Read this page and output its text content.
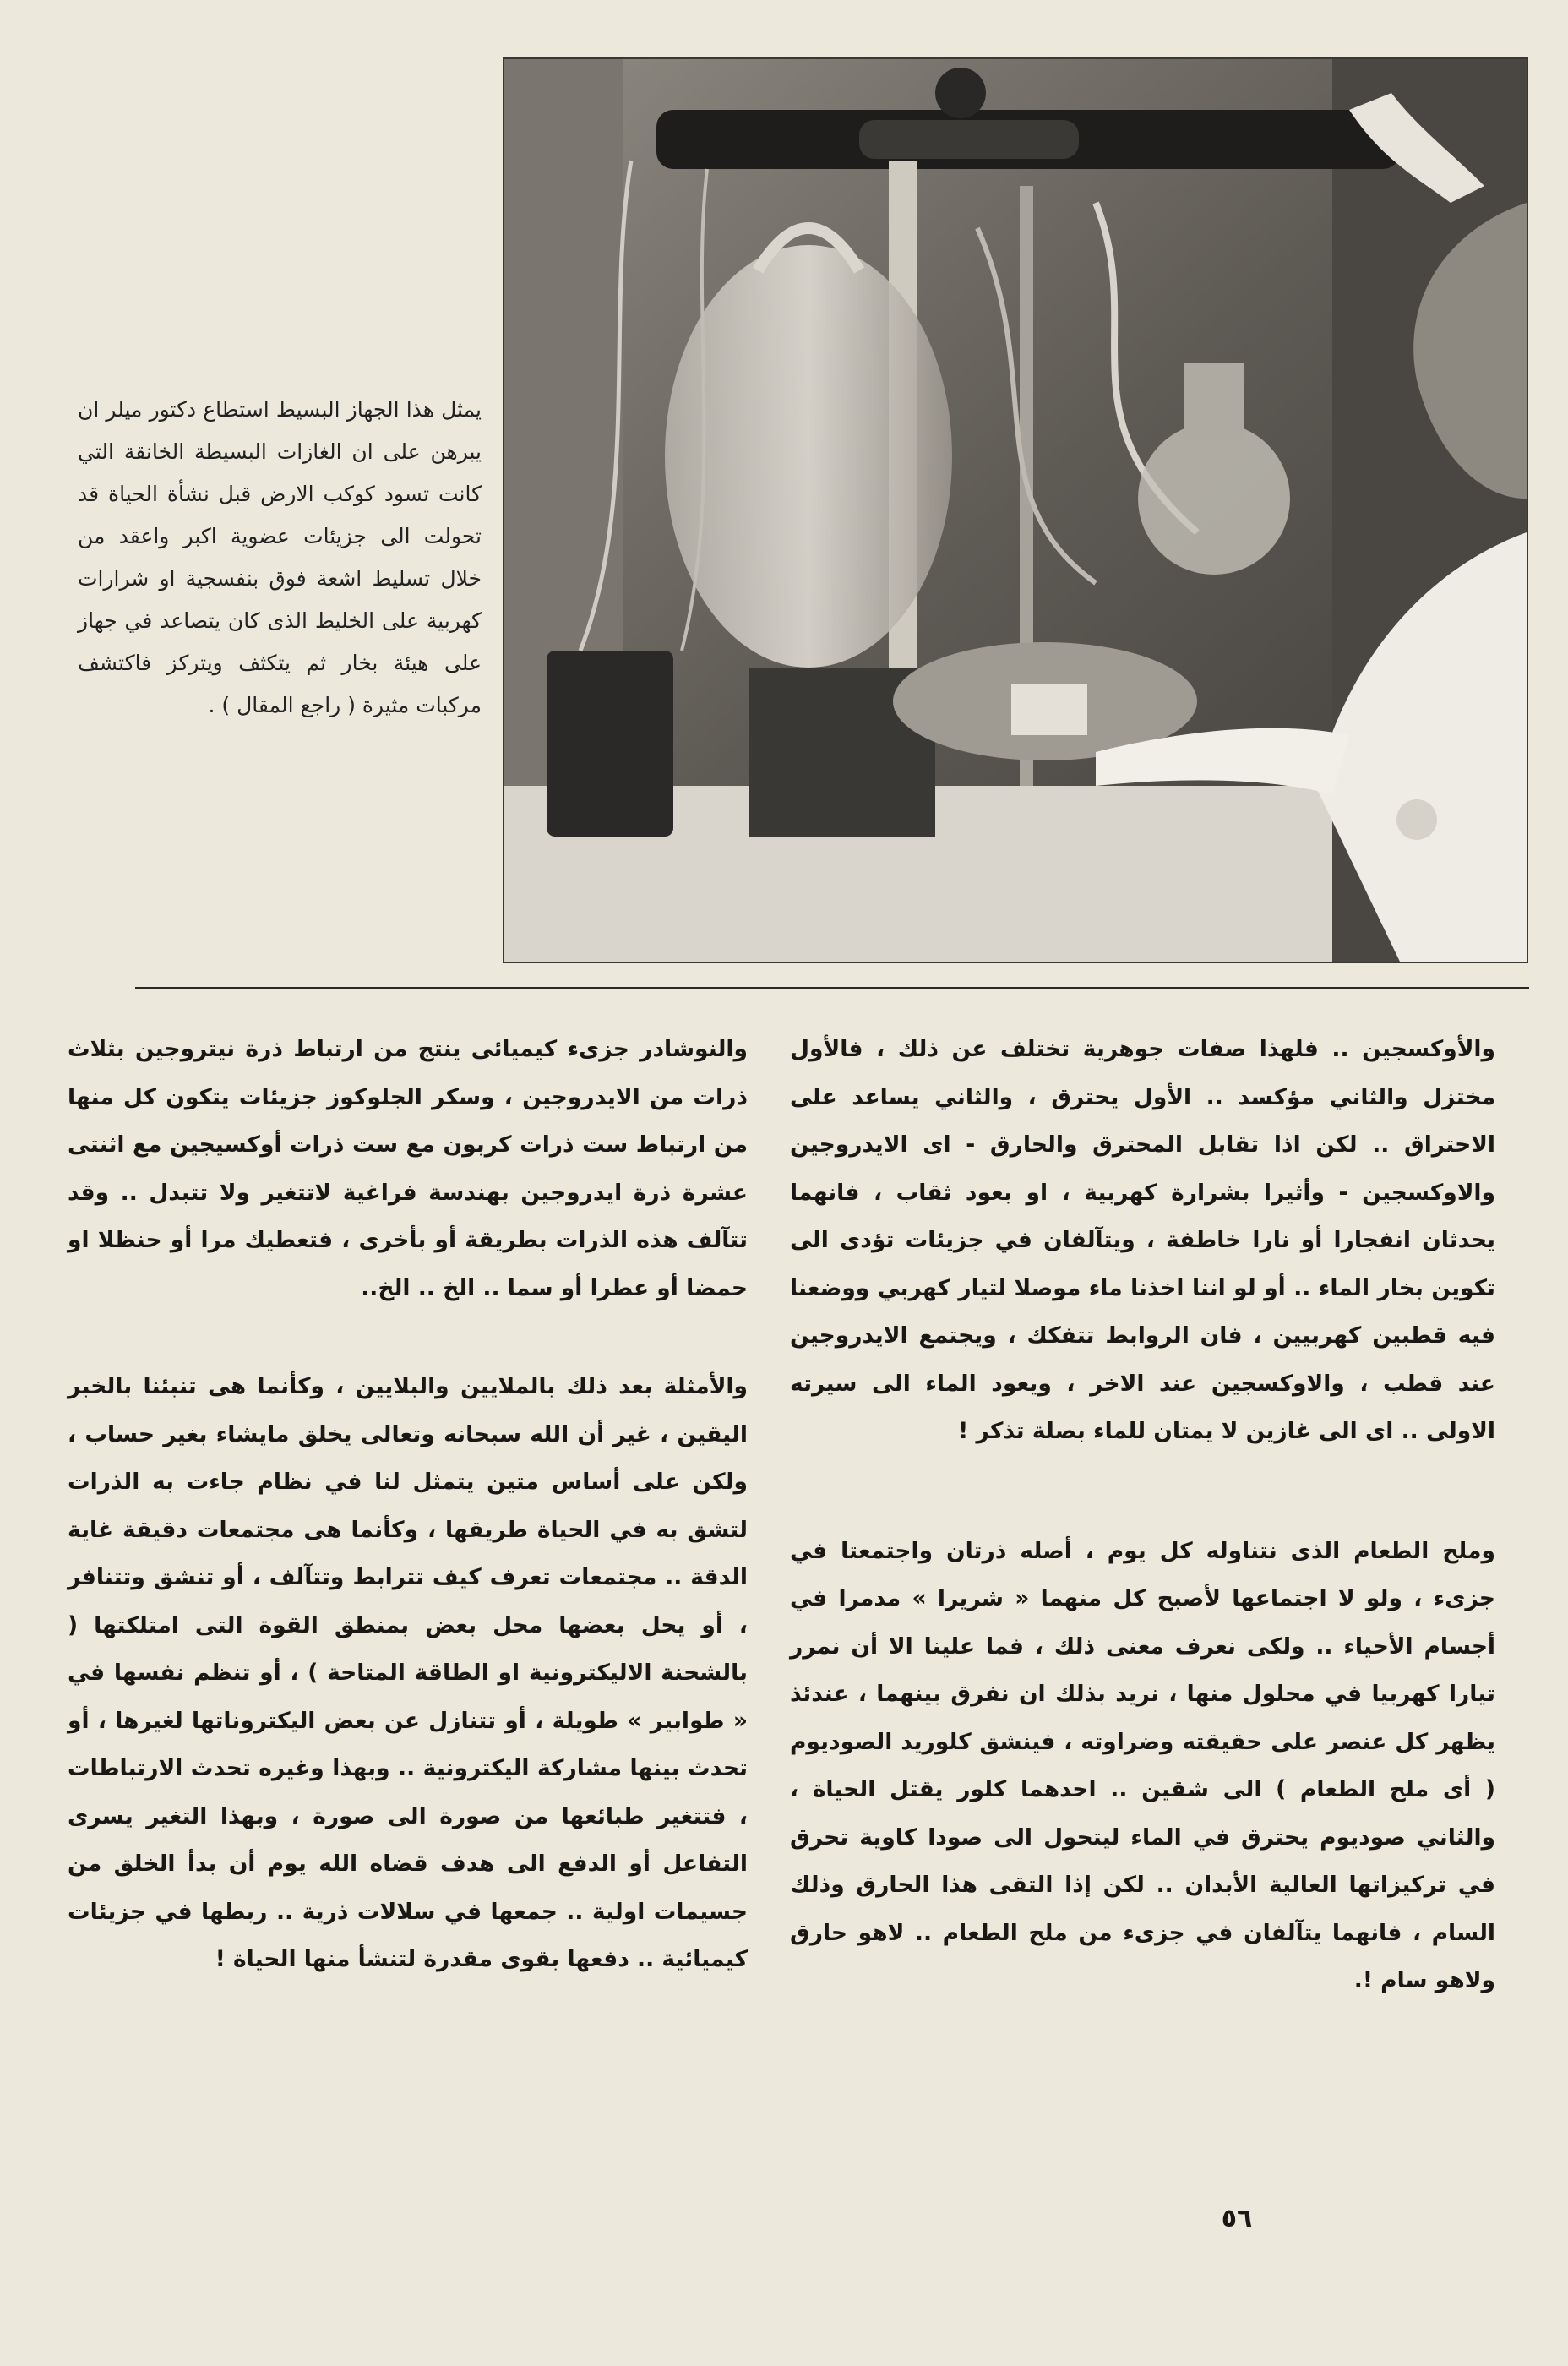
يمثل هذا الجهاز البسيط استطاع دكتور ميلر ان يبرهن على ان الغازات البسيطة الخانقة التي كانت تسود كوكب الارض قبل نشأة الحياة قد تحولت الى جزيئات عضوية اكبر واعقد من خلال تسليط اشعة فوق بنفسجية او شرارات كهربية على الخليط الذى كان يتصاعد في جهاز على هيئة بخار ثم يتكثف ويتركز فاكتشف مركبات مثيرة ( راجع المقال ) .

والأوكسجين .. فلهذا صفات جوهرية تختلف عن ذلك ، فالأول مختزل والثاني مؤكسد .. الأول يحترق ، والثاني يساعد على الاحتراق .. لكن اذا تقابل المحترق والحارق - اى الايدروجين والاوكسجين - وأثيرا بشرارة كهربية ، او بعود ثقاب ، فانهما يحدثان انفجارا أو نارا خاطفة ، ويتآلفان في جزيئات تؤدى الى تكوين بخار الماء .. أو لو اننا اخذنا ماء موصلا لتيار كهربي ووضعنا فيه قطبين كهربيين ، فان الروابط تتفكك ، ويجتمع الايدروجين عند قطب ، والاوكسجين عند الاخر ، ويعود الماء الى سيرته الاولى .. اى الى غازين لا يمتان للماء بصلة تذكر !

وملح الطعام الذى نتناوله كل يوم ، أصله ذرتان واجتمعتا في جزىء ، ولو لا اجتماعها لأصبح كل منهما « شريرا » مدمرا في أجسام الأحياء .. ولكى نعرف معنى ذلك ، فما علينا الا أن نمرر تيارا كهربيا في محلول منها ، نريد بذلك ان نفرق بينهما ، عندئذ يظهر كل عنصر على حقيقته وضراوته ، فينشق كلوريد الصوديوم ( أى ملح الطعام ) الى شقين .. احدهما كلور يقتل الحياة ، والثاني صوديوم يحترق في الماء ليتحول الى صودا كاوية تحرق في تركيزاتها العالية الأبدان .. لكن إذا التقى هذا الحارق وذلك السام ، فانهما يتآلفان في جزىء من ملح الطعام .. لاهو حارق ولاهو سام !.

والنوشادر جزىء كيميائى ينتج من ارتباط ذرة نيتروجين بثلاث ذرات من الايدروجين ، وسكر الجلوكوز جزيئات يتكون كل منها من ارتباط ست ذرات كربون مع ست ذرات أوكسيجين مع اثنتى عشرة ذرة ايدروجين بهندسة فراغية لاتتغير ولا تتبدل .. وقد تتآلف هذه الذرات بطريقة أو بأخرى ، فتعطيك مرا أو حنظلا او حمضا أو عطرا أو سما .. الخ .. الخ..

والأمثلة بعد ذلك بالملايين والبلايين ، وكأنما هى تنبئنا بالخبر اليقين ، غير أن الله سبحانه وتعالى يخلق مايشاء بغير حساب ، ولكن على أساس متين يتمثل لنا في نظام جاءت به الذرات لتشق به في الحياة طريقها ، وكأنما هى مجتمعات دقيقة غاية الدقة .. مجتمعات تعرف كيف تترابط وتتآلف ، أو تنشق وتتنافر ، أو يحل بعضها محل بعض بمنطق القوة التى امتلكتها ( بالشحنة الاليكترونية او الطاقة المتاحة ) ، أو تنظم نفسها في « طوابير » طويلة ، أو تتنازل عن بعض اليكتروناتها لغيرها ، أو تحدث بينها مشاركة اليكترونية .. وبهذا وغيره تحدث الارتباطات ، فتتغير طبائعها من صورة الى صورة ، وبهذا التغير يسرى التفاعل أو الدفع الى هدف قضاه الله يوم أن بدأ الخلق من جسيمات اولية .. جمعها في سلالات ذرية .. ربطها في جزيئات كيميائية .. دفعها بقوى مقدرة لتنشأ منها الحياة !

٥٦
